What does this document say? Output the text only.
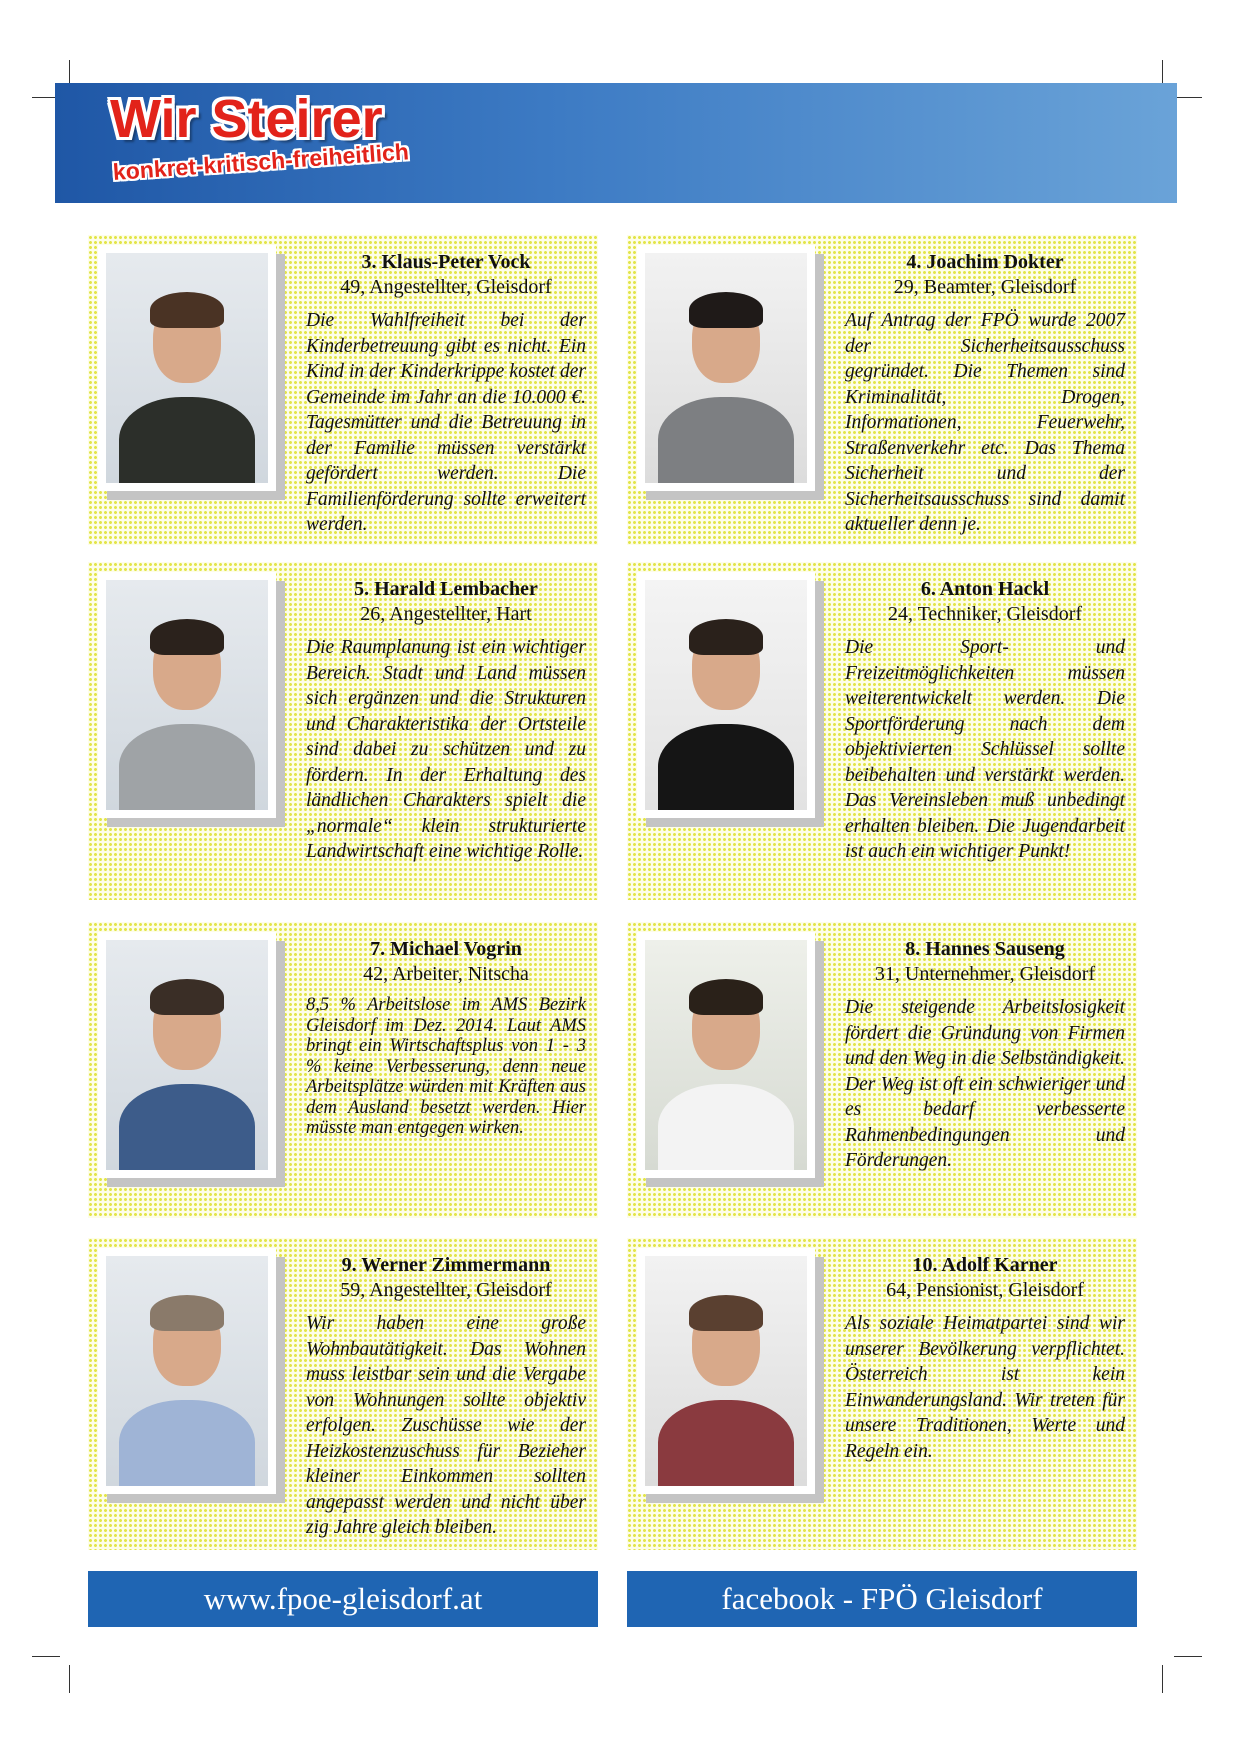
Wir Steirer
konkret-kritisch-freiheitlich
3. Klaus-Peter Vock
49, Angestellter, Gleisdorf

Die Wahlfreiheit bei der Kinderbetreuung gibt es nicht. Ein Kind in der Kinderkrippe kostet der Gemeinde im Jahr an die 10.000 €. Tagesmütter und die Betreuung in der Familie müssen verstärkt gefördert werden. Die Familienförderung sollte erweitert werden.

4. Joachim Dokter
29, Beamter, Gleisdorf

Auf Antrag der FPÖ wurde 2007 der Sicherheitsausschuss gegründet. Die Themen sind Kriminalität, Drogen, Informationen, Feuerwehr, Straßenverkehr etc. Das Thema Sicherheit und der Sicherheitsausschuss sind damit aktueller denn je.

5. Harald Lembacher
26, Angestellter, Hart

Die Raumplanung ist ein wichtiger Bereich. Stadt und Land müssen sich ergänzen und die Strukturen und Charakteristika der Ortsteile sind dabei zu schützen und zu fördern. In der Erhaltung des ländlichen Charakters spielt die „normale“ klein strukturierte Landwirtschaft eine wichtige Rolle.

6. Anton Hackl
24, Techniker, Gleisdorf

Die Sport- und Freizeitmöglichkeiten müssen weiterentwickelt werden. Die Sportförderung nach dem objektivierten Schlüssel sollte beibehalten und verstärkt werden. Das Vereinsleben muß unbedingt erhalten bleiben. Die Jugendarbeit ist auch ein wichtiger Punkt!

7. Michael Vogrin
42, Arbeiter, Nitscha

8,5 % Arbeitslose im AMS Bezirk Gleisdorf im Dez. 2014. Laut AMS bringt ein Wirtschaftsplus von 1 - 3 % keine Verbesserung, denn neue Arbeitsplätze würden mit Kräften aus dem Ausland besetzt werden. Hier müsste man entgegen wirken.

8. Hannes Sauseng
31, Unternehmer, Gleisdorf

Die steigende Arbeitslosigkeit fördert die Gründung von Firmen und den Weg in die Selbständigkeit. Der Weg ist oft ein schwieriger und es bedarf verbesserte Rahmenbedingungen und Förderungen.

9. Werner Zimmermann
59, Angestellter, Gleisdorf

Wir haben eine große Wohnbautätigkeit. Das Wohnen muss leistbar sein und die Vergabe von Wohnungen sollte objektiv erfolgen. Zuschüsse wie der Heizkostenzuschuss für Bezieher kleiner Einkommen sollten angepasst werden und nicht über zig Jahre gleich bleiben.

10. Adolf Karner
64, Pensionist, Gleisdorf

Als soziale Heimatpartei sind wir unserer Bevölkerung verpflichtet. Österreich ist kein Einwanderungsland. Wir treten für unsere Traditionen, Werte und Regeln ein.

www.fpoe-gleisdorf.at	facebook - FPÖ Gleisdorf
